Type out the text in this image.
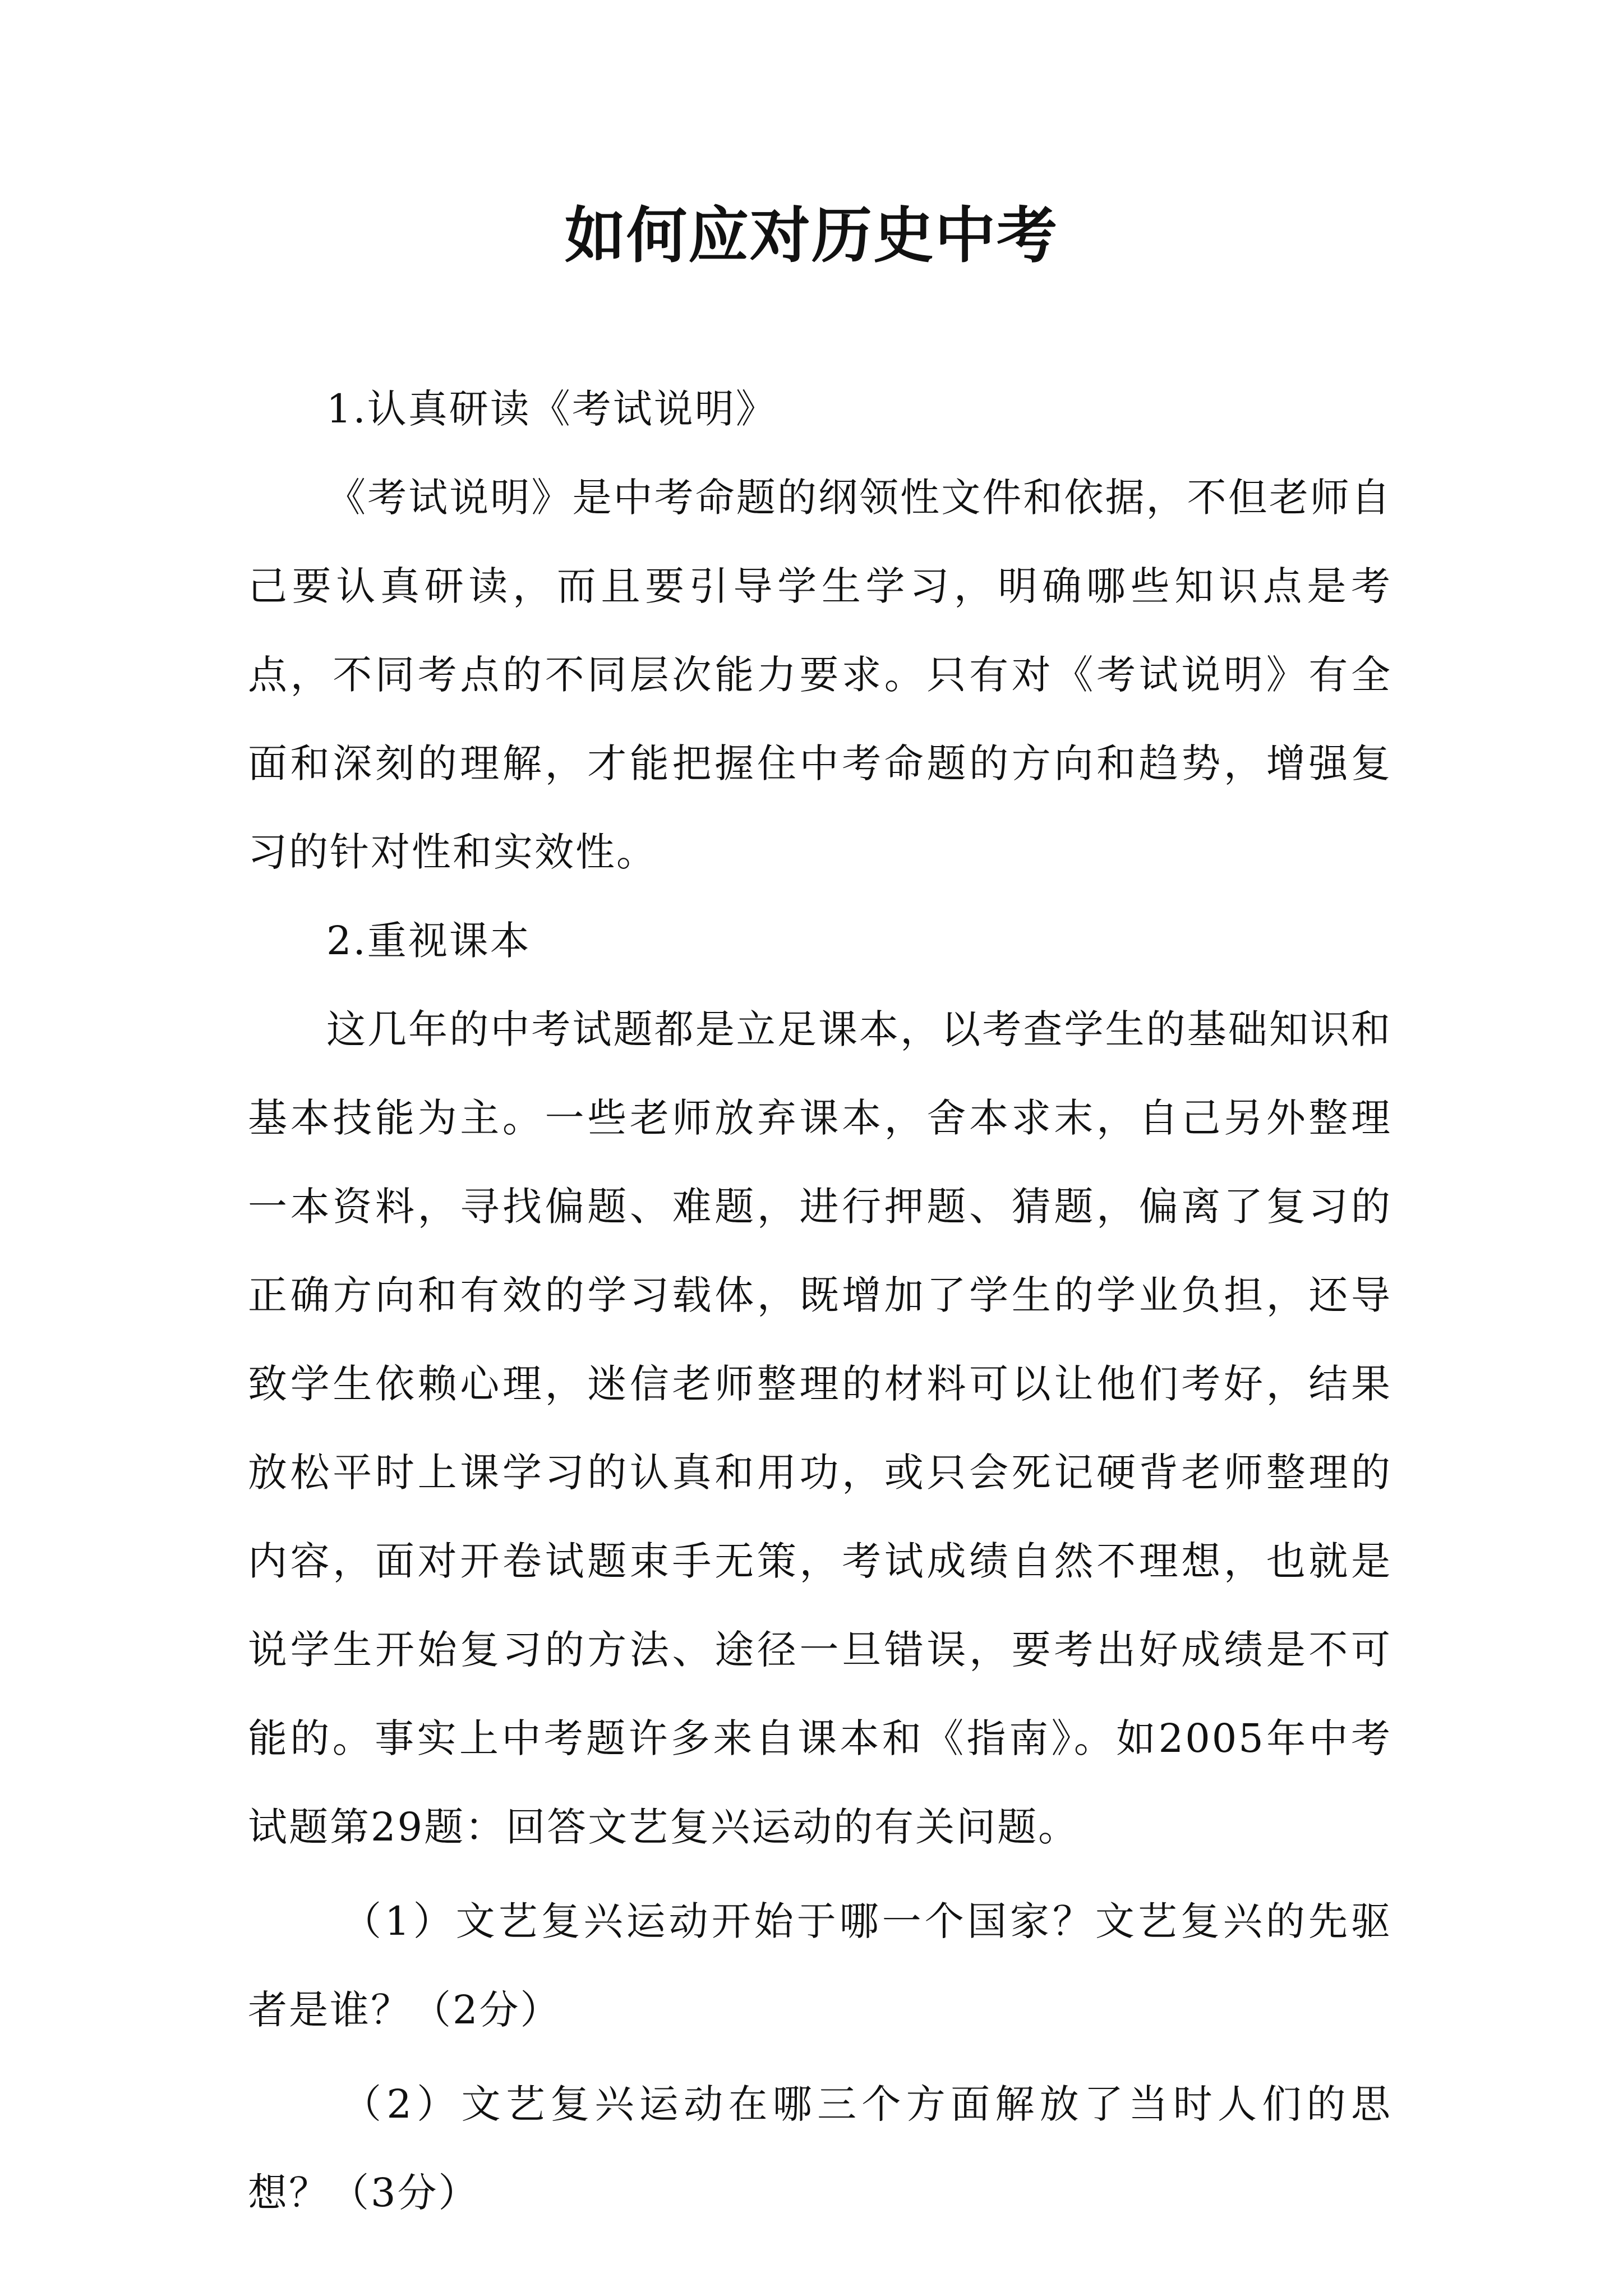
如何应对历史中考

1.认真研读《考试说明》

《考试说明》是中考命题的纲领性文件和依据，不但老师自己要认真研读，而且要引导学生学习，明确哪些知识点是考点，不同考点的不同层次能力要求。只有对《考试说明》有全面和深刻的理解，才能把握住中考命题的方向和趋势，增强复习的针对性和实效性。

2.重视课本

这几年的中考试题都是立足课本，以考查学生的基础知识和基本技能为主。一些老师放弃课本，舍本求末，自己另外整理一本资料，寻找偏题、难题，进行押题、猜题，偏离了复习的正确方向和有效的学习载体，既增加了学生的学业负担，还导致学生依赖心理，迷信老师整理的材料可以让他们考好，结果放松平时上课学习的认真和用功，或只会死记硬背老师整理的内容，面对开卷试题束手无策，考试成绩自然不理想，也就是说学生开始复习的方法、途径一旦错误，要考出好成绩是不可能的。事实上中考题许多来自课本和《指南》。如2005年中考试题第29题：回答文艺复兴运动的有关问题。

（1）文艺复兴运动开始于哪一个国家？文艺复兴的先驱者是谁？（2分）

（2）文艺复兴运动在哪三个方面解放了当时人们的思想？（3分）
